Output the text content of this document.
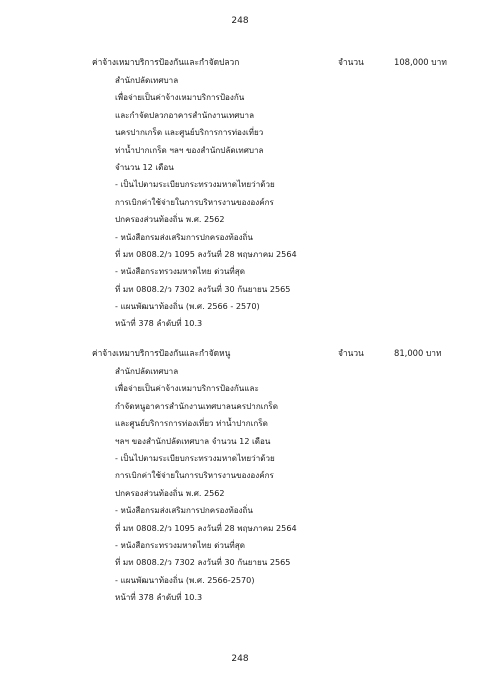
248
ค่าจ้างเหมาบริการป้องกันและกำจัดปลวก	จำนวน	108,000 บาท
สำนักปลัดเทศบาล
เพื่อจ่ายเป็นค่าจ้างเหมาบริการป้องกัน
และกำจัดปลวกอาคารสำนักงานเทศบาล
นครปากเกร็ด และศูนย์บริการการท่องเที่ยว
ท่าน้ำปากเกร็ด ฯลฯ ของสำนักปลัดเทศบาล
จำนวน 12 เดือน
- เป็นไปตามระเบียบกระทรวงมหาดไทยว่าด้วย
การเบิกค่าใช้จ่ายในการบริหารงานขององค์กร
ปกครองส่วนท้องถิ่น พ.ศ. 2562
- หนังสือกรมส่งเสริมการปกครองท้องถิ่น
ที่ มท 0808.2/ว 1095 ลงวันที่ 28 พฤษภาคม 2564
- หนังสือกระทรวงมหาดไทย ด่วนที่สุด
ที่ มท 0808.2/ว 7302 ลงวันที่ 30 กันยายน 2565
- แผนพัฒนาท้องถิ่น (พ.ศ. 2566 - 2570)
หน้าที่ 378 ลำดับที่ 10.3
ค่าจ้างเหมาบริการป้องกันและกำจัดหนู	จำนวน	81,000 บาท
สำนักปลัดเทศบาล
เพื่อจ่ายเป็นค่าจ้างเหมาบริการป้องกันและ
กำจัดหนูอาคารสำนักงานเทศบาลนครปากเกร็ด
และศูนย์บริการการท่องเที่ยว ท่าน้ำปากเกร็ด
ฯลฯ ของสำนักปลัดเทศบาล จำนวน 12 เดือน
- เป็นไปตามระเบียบกระทรวงมหาดไทยว่าด้วย
การเบิกค่าใช้จ่ายในการบริหารงานขององค์กร
ปกครองส่วนท้องถิ่น พ.ศ. 2562
- หนังสือกรมส่งเสริมการปกครองท้องถิ่น
ที่ มท 0808.2/ว 1095 ลงวันที่ 28 พฤษภาคม 2564
- หนังสือกระทรวงมหาดไทย ด่วนที่สุด
ที่ มท 0808.2/ว 7302 ลงวันที่ 30 กันยายน 2565
- แผนพัฒนาท้องถิ่น (พ.ศ. 2566-2570)
หน้าที่ 378 ลำดับที่ 10.3
248
